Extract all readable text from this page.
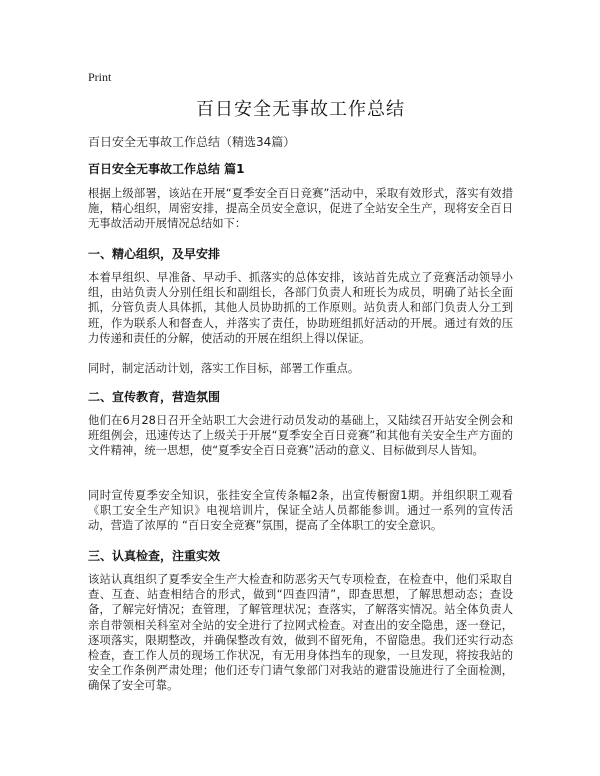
Print
百日安全无事故工作总结

百日安全无事故工作总结（精选34篇）

百日安全无事故工作总结 篇1

根据上级部署，该站在开展“夏季安全百日竞赛”活动中，采取有效形式，落实有效措施，精心组织，周密安排，提高全员安全意识，促进了全站安全生产，现将安全百日无事故活动开展情况总结如下：

一、精心组织，及早安排

本着早组织、早准备、早动手、抓落实的总体安排，该站首先成立了竞赛活动领导小组，由站负责人分别任组长和副组长，各部门负责人和班长为成员，明确了站长全面抓，分管负责人具体抓，其他人员协助抓的工作原则。站负责人和部门负责人分工到班，作为联系人和督查人，并落实了责任，协助班组抓好活动的开展。通过有效的压力传递和责任的分解，使活动的开展在组织上得以保证。

同时，制定活动计划，落实工作目标，部署工作重点。

二、宣传教育，营造氛围

他们在6月28日召开全站职工大会进行动员发动的基础上，又陆续召开站安全例会和班组例会，迅速传达了上级关于开展“夏季安全百日竞赛”和其他有关安全生产方面的文件精神，统一思想，使“夏季安全百日竞赛”活动的意义、目标做到尽人皆知。

同时宣传夏季安全知识，张挂安全宣传条幅2条，出宣传橱窗1期。并组织职工观看《职工安全生产知识》电视培训片，保证全站人员都能参训。通过一系列的宣传活动，营造了浓厚的 “百日安全竞赛”氛围，提高了全体职工的安全意识。

三、认真检查，注重实效

该站认真组织了夏季安全生产大检查和防恶劣天气专项检查，在检查中，他们采取自查、互查、站查相结合的形式，做到“四查四清”，即查思想，了解思想动态；查设备，了解完好情况；查管理，了解管理状况；查落实，了解落实情况。站全体负责人亲自带领相关科室对全站的安全进行了拉网式检查。对查出的安全隐患，逐一登记，逐项落实，限期整改，并确保整改有效，做到不留死角，不留隐患。我们还实行动态检查，查工作人员的现场工作状况，有无用身体挡车的现象，一旦发现，将按我站的安全工作条例严肃处理；他们还专门请气象部门对我站的避雷设施进行了全面检测，确保了安全可靠。
